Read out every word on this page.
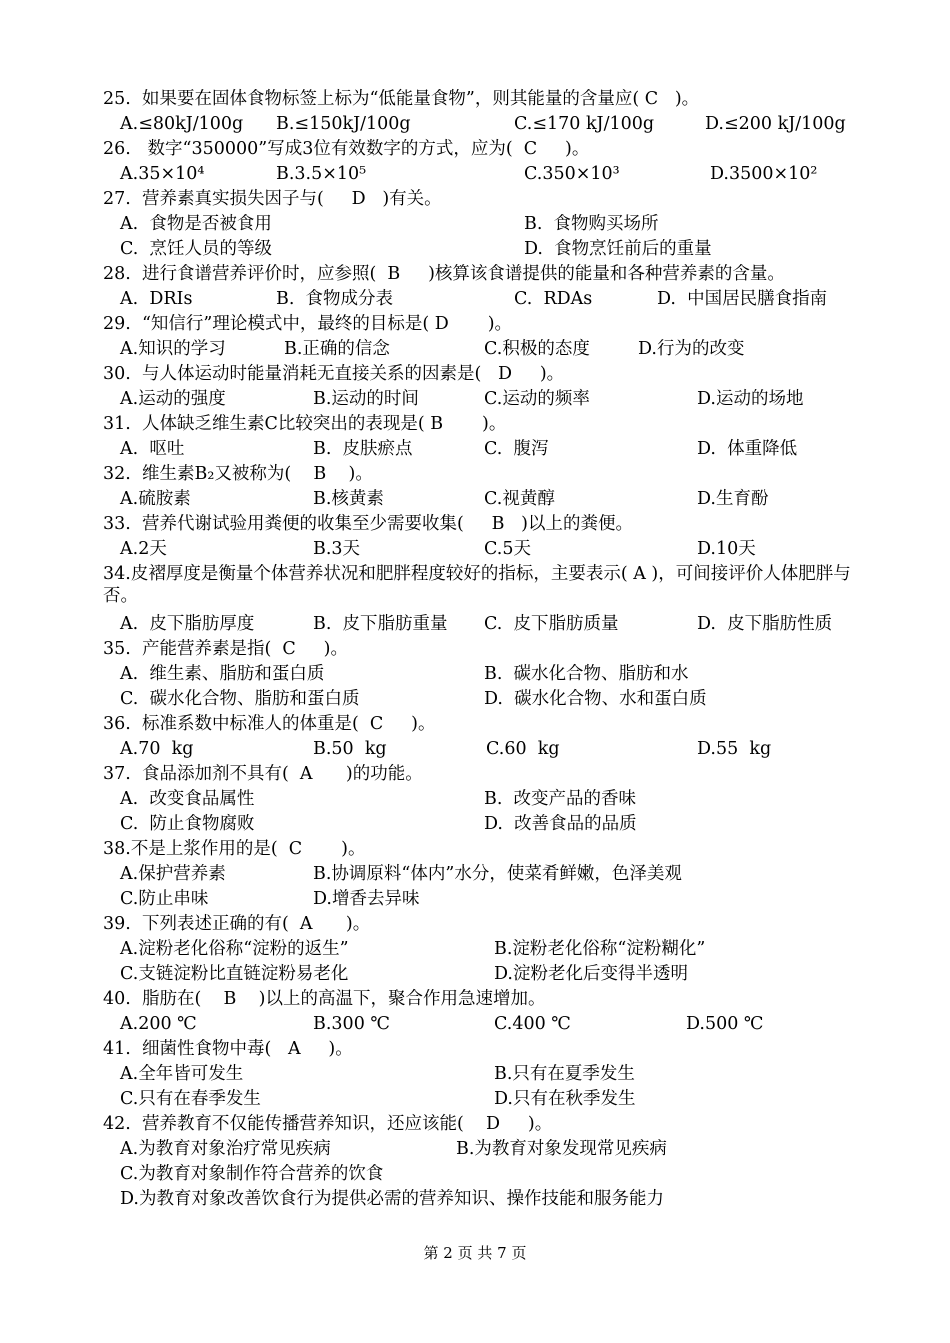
25.  如果要在固体食物标签上标为“低能量食物”，则其能量的含量应( C   )。
A.≤80kJ/100g B.≤150kJ/100g	C.≤170 kJ/100g	D.≤200 kJ/100g
26.   数字“350000”写成3位有效数字的方式，应为(  C     )。
A.35×10⁴	B.3.5×10⁵	C.350×10³	D.3500×10²
27.  营养素真实损失因子与(     D   )有关。
A.  食物是否被食用	B.  食物购买场所
C.  烹饪人员的等级	D.  食物烹饪前后的重量
28.  进行食谱营养评价时，应参照(  B     )核算该食谱提供的能量和各种营养素的含量。
A.  DRIs	B.  食物成分表	C.  RDAs	D.  中国居民膳食指南
29.  “知信行”理论模式中，最终的目标是( D       )。
A.知识的学习	B.正确的信念	C.积极的态度	D.行为的改变
30.  与人体运动时能量消耗无直接关系的因素是(   D     )。
A.运动的强度	B.运动的时间	C.运动的频率	D.运动的场地
31.  人体缺乏维生素C比较突出的表现是( B       )。
A.  呕吐	B.  皮肤瘀点	C.  腹泻	D.  体重降低
32.  维生素B₂又被称为(    B    )。
A.硫胺素	B.核黄素	C.视黄醇	D.生育酚
33.  营养代谢试验用粪便的收集至少需要收集(     B   )以上的粪便。
A.2天	B.3天	C.5天	D.10天
34.皮褶厚度是衡量个体营养状况和肥胖程度较好的指标，主要表示( A )，可间接评价人体肥胖与否。
A.  皮下脂肪厚度	B.  皮下脂肪重量 C.  皮下脂肪质量	D.  皮下脂肪性质
35.  产能营养素是指(  C     )。
A.  维生素、脂肪和蛋白质	B.  碳水化合物、脂肪和水
C.  碳水化合物、脂肪和蛋白质	D.  碳水化合物、水和蛋白质
36.  标准系数中标准人的体重是(  C     )。
A.70  kg	B.50  kg	C.60  kg	D.55  kg
37.  食品添加剂不具有(  A      )的功能。
A.  改变食品属性	B.  改变产品的香味
C.  防止食物腐败	D.  改善食品的品质
38.不是上浆作用的是(  C       )。
A.保护营养素	B.协调原料“体内”水分，使菜肴鲜嫩，色泽美观
C.防止串味	D.增香去异味
39.  下列表述正确的有(  A      )。
A.淀粉老化俗称“淀粉的返生”	B.淀粉老化俗称“淀粉糊化”
C.支链淀粉比直链淀粉易老化	D.淀粉老化后变得半透明
40.  脂肪在(    B    )以上的高温下，聚合作用急速增加。
A.200 ℃	B.300 ℃	C.400 ℃	D.500 ℃
41.  细菌性食物中毒(   A     )。
A.全年皆可发生	B.只有在夏季发生
C.只有在春季发生	D.只有在秋季发生
42.  营养教育不仅能传播营养知识，还应该能(    D     )。
A.为教育对象治疗常见疾病	B.为教育对象发现常见疾病
C.为教育对象制作符合营养的饮食
D.为教育对象改善饮食行为提供必需的营养知识、操作技能和服务能力
第 2 页 共 7 页
